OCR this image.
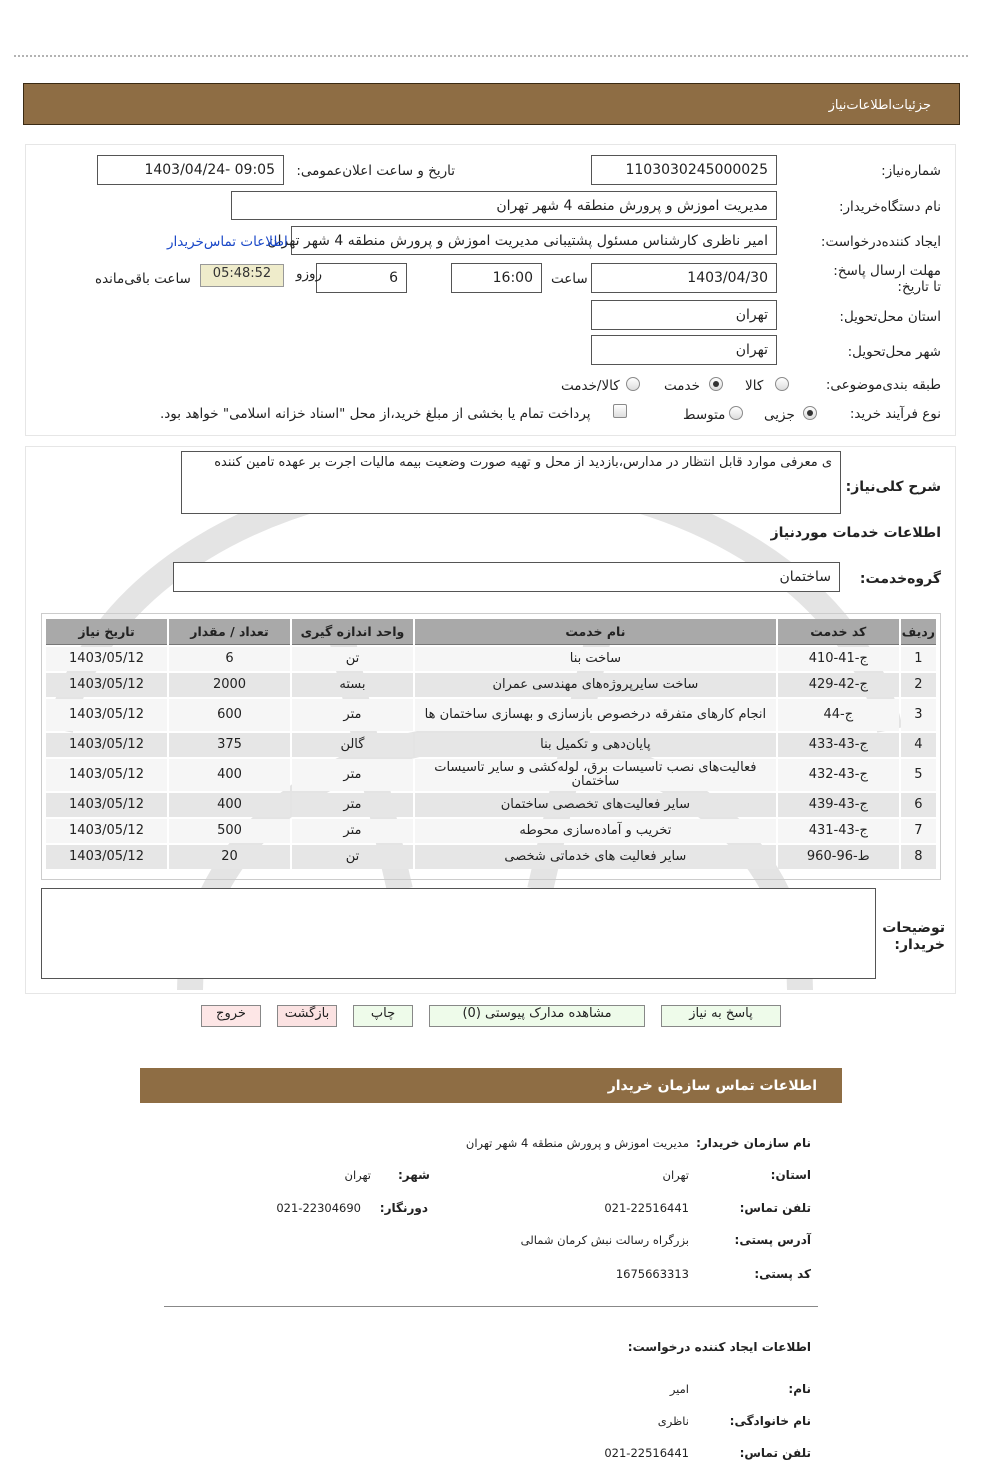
جزئیات‌اطلاعات‌نیاز
شماره‌نیاز:
1103030245000025
تاریخ و ساعت اعلان‌عمومی:
1403/04/24- 09:05
نام دستگاه‌خریدار:
مدیریت اموزش و پرورش منطقه 4 شهر تهران
ایجاد کننده‌درخواست:
امیر ناظری کارشناس مسئول پشتیبانی مدیریت اموزش و پرورش منطقه 4 شهر تهران
اطلاعات تماس‌خریدار
مهلت ارسال پاسخ: تا تاریخ:
1403/04/30
ساعت
16:00
6
روزو
05:48:52
ساعت باقی‌مانده
استان محل‌تحویل:
تهران
شهر محل‌تحویل:
تهران
طبقه بندی‌موضوعی:
کالا
خدمت
کالا/خدمت
نوع فرآیند خرید:
جزیی
متوسط
پرداخت تمام یا بخشی از مبلغ خرید،از محل "اسناد خزانه اسلامی" خواهد بود.
شرح کلی‌نیاز:
ی معرفی موارد قابل انتظار در مدارس،بازدید از محل و تهیه صورت وضعیت بیمه مالیات اجرت بر عهده تامین کننده
اطلاعات خدمات موردنیاز
گروه‌خدمت:
ساختمان
ردیف	کد خدمت	نام خدمت	واحد اندازه گیری	تعداد / مقدار	تاریخ نیاز
1	ج-41-410	ساخت بنا	تن	6	1403/05/12
2	ج-42-429	ساخت سایرپروژه‌های مهندسی عمران	بسته	2000	1403/05/12
3	ج-44	انجام کارهای متفرقه درخصوص بازسازی و بهسازی ساختمان ها	متر	600	1403/05/12
4	ج-43-433	پایان‌دهی و تکمیل بنا	گالن	375	1403/05/12
5	ج-43-432	فعالیت‌های نصب تاسیسات برق، لوله‌کشی و سایر تاسیسات ساختمان	متر	400	1403/05/12
6	ج-43-439	سایر فعالیت‌های تخصصی ساختمان	متر	400	1403/05/12
7	ج-43-431	تخریب و آماده‌سازی محوطه	متر	500	1403/05/12
8	ط-96-960	سایر فعالیت های خدماتی شخصی	تن	20	1403/05/12
توضیحات خریدار:
پاسخ به نیاز
مشاهده مدارک پیوستی (0)
چاپ
بازگشت
خروج
اطلاعات تماس سازمان خریدار
نام سازمان خریدار:
مدیریت اموزش و پرورش منطقه 4 شهر تهران
استان:
تهران
شهر:
تهران
تلفن تماس:
021-22516441
دورنگار:
021-22304690
آدرس پستی:
بزرگراه رسالت نبش کرمان شمالی
کد پستی:
1675663313
اطلاعات ایجاد کننده درخواست:
نام:
امیر
نام خانوادگی:
ناظری
تلفن تماس:
021-22516441
